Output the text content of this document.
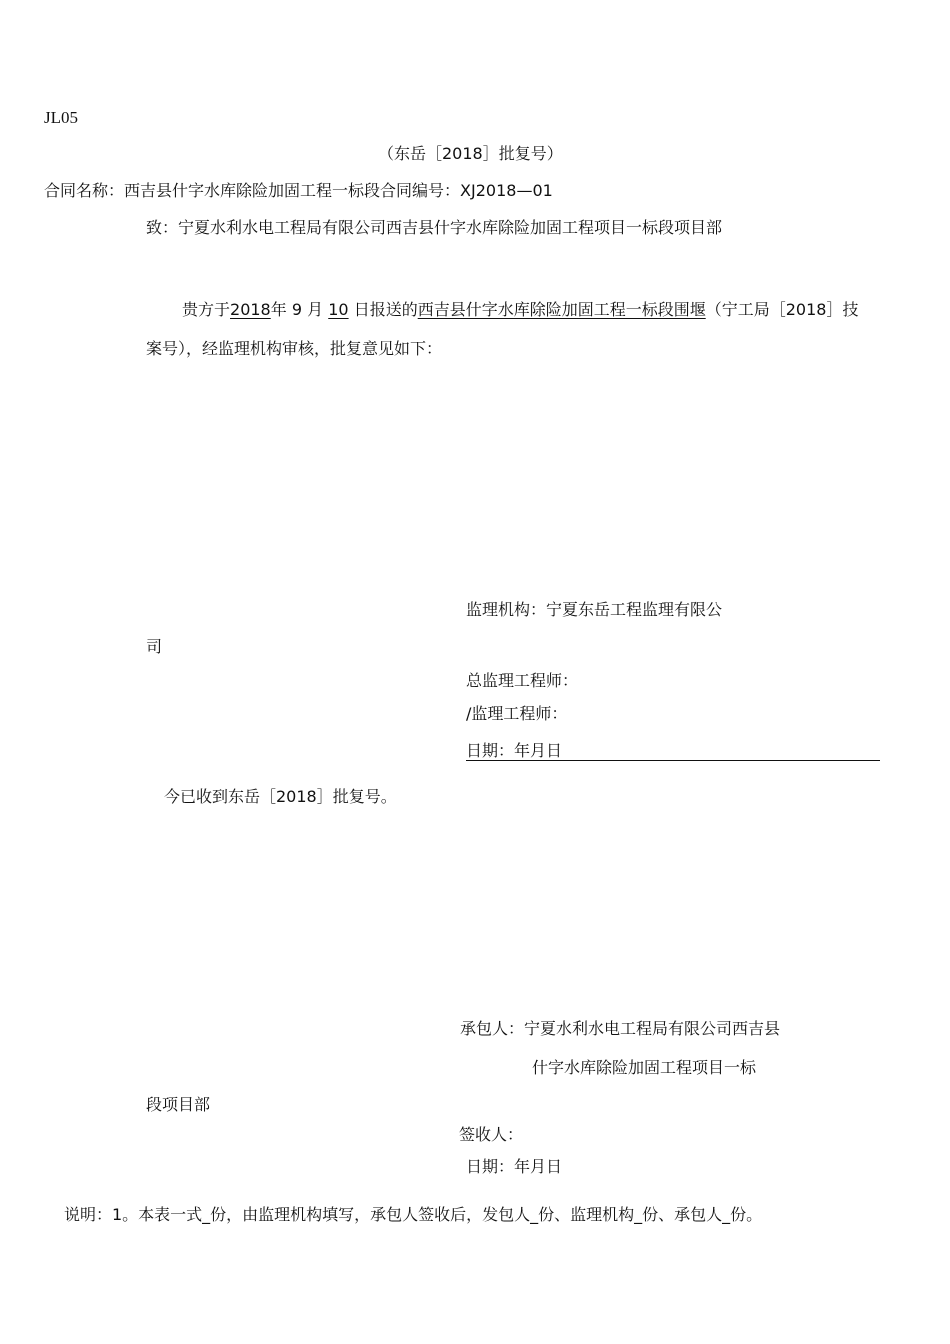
JL05
（东岳［2018］批复号）
合同名称：西吉县什字水库除险加固工程一标段合同编号：XJ2018—01
致：宁夏水利水电工程局有限公司西吉县什字水库除险加固工程项目一标段项目部
贵方于2018年 9 月 10 日报送的西吉县什字水库除险加固工程一标段围堰（宁工局［2018］技
案号），经监理机构审核，批复意见如下：
监理机构：宁夏东岳工程监理有限公
司
总监理工程师：
/监理工程师：
日期：年月日
今已收到东岳［2018］批复号。
承包人：宁夏水利水电工程局有限公司西吉县
什字水库除险加固工程项目一标
段项目部
签收人：
日期：年月日
说明：1。本表一式_份，由监理机构填写，承包人签收后，发包人_份、监理机构_份、承包人_份。
